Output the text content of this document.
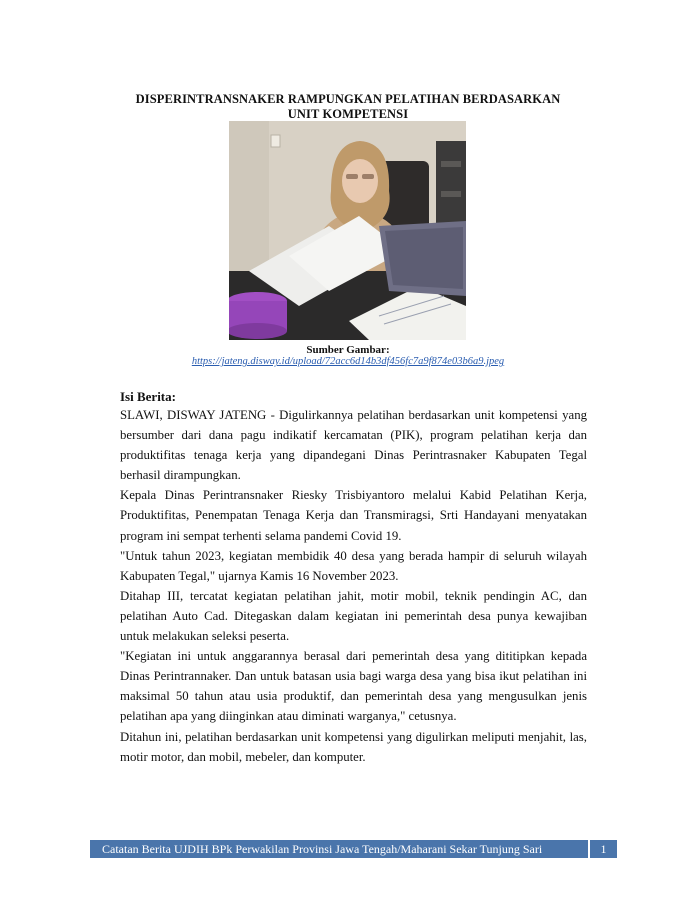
DISPERINTRANSNAKER RAMPUNGKAN PELATIHAN BERDASARKAN
UNIT KOMPETENSI
Sumber Gambar:
https://jateng.disway.id/upload/72acc6d14b3df456fc7a9f874e03b6a9.jpeg
Isi Berita:

SLAWI, DISWAY JATENG - Digulirkannya pelatihan berdasarkan unit kompetensi yang bersumber dari dana pagu indikatif kercamatan (PIK), program pelatihan kerja dan produktifitas tenaga kerja yang dipandegani Dinas Perintrasnaker Kabupaten Tegal berhasil dirampungkan.

Kepala Dinas Perintransnaker Riesky Trisbiyantoro melalui Kabid Pelatihan Kerja, Produktifitas, Penempatan Tenaga Kerja dan Transmiragsi, Srti Handayani menyatakan program ini sempat terhenti selama pandemi Covid 19.

"Untuk tahun 2023, kegiatan membidik 40 desa yang berada hampir di seluruh wilayah Kabupaten Tegal," ujarnya Kamis 16 November 2023.

Ditahap III, tercatat kegiatan pelatihan jahit, motir mobil, teknik pendingin AC, dan pelatihan Auto Cad. Ditegaskan dalam kegiatan ini pemerintah desa punya kewajiban untuk melakukan seleksi peserta.

"Kegiatan ini untuk anggarannya berasal dari pemerintah desa yang dititipkan kepada Dinas Perintrannaker. Dan untuk batasan usia bagi warga desa yang bisa ikut pelatihan ini maksimal 50 tahun atau usia produktif, dan pemerintah desa yang mengusulkan jenis pelatihan apa yang diinginkan atau diminati warganya," cetusnya.

Ditahun ini, pelatihan berdasarkan unit kompetensi yang digulirkan meliputi menjahit, las, motir motor, dan mobil, mebeler, dan komputer.

Catatan Berita UJDIH BPk Perwakilan Provinsi Jawa Tengah/Maharani Sekar Tunjung Sari	1
